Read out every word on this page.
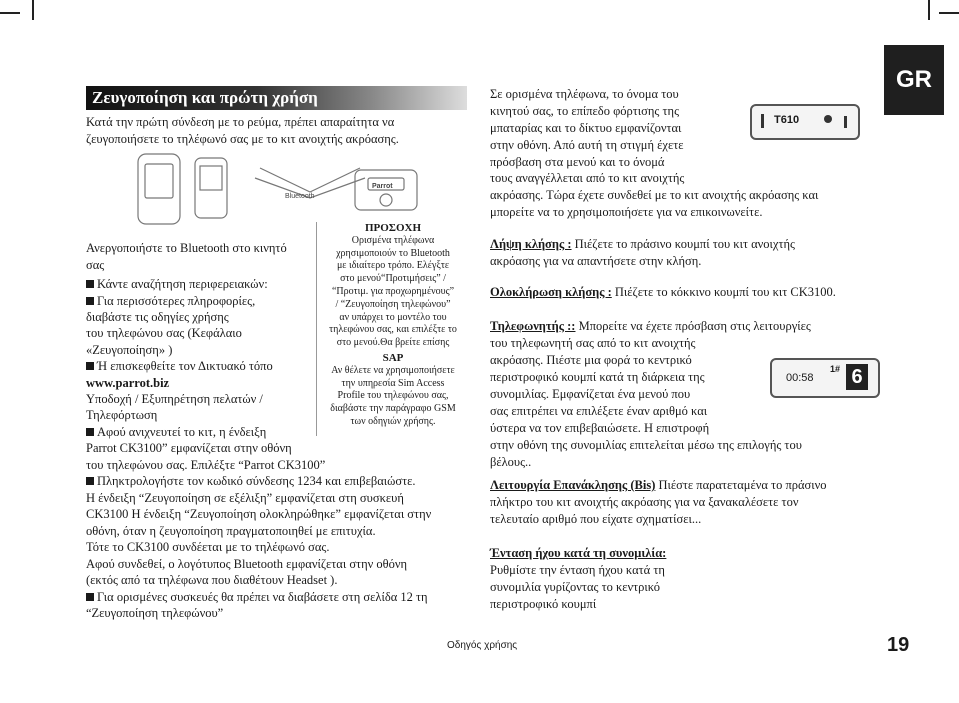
GR
Ζευγοποίηση και πρώτη χρήση
Κατά την πρώτη σύνδεση με το ρεύμα, πρέπει απαραίτητα να
ζευγοποιήσετε το τηλέφωνό σας με το κιτ ανοιχτής ακρόασης.
Bluetooth
Parrot
Ανεργοποιήστε το Bluetooth στο κινητό
σας
Κάντε αναζήτηση περιφερειακών:
Για περισσότερες πληροφορίες,
διαβάστε τις οδηγίες χρήσης
του τηλεφώνου σας (Κεφάλαιο
«Ζευγοποίηση» )
Ή επισκεφθείτε τον Δικτυακό τόπο
www.parrot.biz
Υποδοχή / Εξυπηρέτηση πελατών /
Τηλεφόρτωση
Αφού ανιχνευτεί το κιτ, η ένδειξη
Parrot CK3100” εμφανίζεται στην οθόνη
του τηλεφώνου σας. Επιλέξτε “Parrot CK3100”
Πληκτρολογήστε τον κωδικό σύνδεσης 1234 και επιβεβαιώστε.
Η ένδειξη “Ζευγοποίηση σε εξέλιξη” εμφανίζεται στη συσκευή
CK3100 Η ένδειξη “Ζευγοποίηση ολοκληρώθηκε” εμφανίζεται στην
οθόνη, όταν η ζευγοποίηση πραγματοποιηθεί με επιτυχία.
Τότε το CK3100 συνδέεται με το τηλέφωνό σας.
Αφού συνδεθεί, ο λογότυπος Bluetooth εμφανίζεται στην οθόνη
(εκτός από τα τηλέφωνα που διαθέτουν Headset ).
Για ορισμένες συσκευές θα πρέπει να διαβάσετε στη σελίδα 12 τη
“Ζευγοποίηση τηλεφώνου”
ΠΡΟΣΟΧΗ
Ορισμένα τηλέφωνα
χρησιμοποιούν το Bluetooth
με ιδιαίτερο τρόπο. Ελέγξτε
στο μενού“Προτιμήσεις” /
“Προτιμ. για προχωρημένους”
/ “Ζευγοποίηση τηλεφώνου”
αν υπάρχει το μοντέλο του
τηλεφώνου σας, και επιλέξτε το
στο μενού.Θα βρείτε επίσης
SAP
Αν θέλετε να χρησιμοποιήσετε
την υπηρεσία Sim Access
Profile του τηλεφώνου σας,
διαβάστε την παράγραφο GSM
των οδηγιών χρήσης.
Σε ορισμένα τηλέφωνα, το όνομα του
κινητού σας, το επίπεδο φόρτισης της
μπαταρίας και το δίκτυο εμφανίζονται
στην οθόνη. Από αυτή τη στιγμή έχετε
πρόσβαση στα μενού και το όνομά
τους αναγγέλλεται από το κιτ ανοιχτής
ακρόασης. Τώρα έχετε συνδεθεί με το κιτ ανοιχτής ακρόασης και
μπορείτε να το χρησιμοποιήσετε για να επικοινωνείτε.
T610
Λήψη κλήσης : Πιέζετε το πράσινο κουμπί του κιτ ανοιχτής
ακρόασης για να απαντήσετε στην κλήση.
Ολοκλήρωση κλήσης : Πιέζετε το κόκκινο κουμπί του κιτ CK3100.
Τηλεφωνητής :: Μπορείτε να έχετε πρόσβαση στις λειτουργίες
του τηλεφωνητή σας από το κιτ ανοιχτής
ακρόασης. Πιέστε μια φορά το κεντρικό
περιστροφικό κουμπί κατά τη διάρκεια της
συνομιλίας. Εμφανίζεται ένα μενού που
σας επιτρέπει να επιλέξετε έναν αριθμό και
ύστερα να τον επιβεβαιώσετε. Η επιστροφή
στην οθόνη της συνομιλίας επιτελείται μέσω της επιλογής του
βέλους..
00:58
1# 6
Λειτουργία Επανάκλησης (Bis) Πιέστε παρατεταμένα το πράσινο
πλήκτρο του κιτ ανοιχτής ακρόασης για να ξανακαλέσετε τον
τελευταίο αριθμό που είχατε σχηματίσει...
Ένταση ήχου κατά τη συνομιλία:
Ρυθμίστε την ένταση ήχου κατά τη
συνομιλία γυρίζοντας το κεντρικό
περιστροφικό κουμπί
Οδηγός χρήσης	19
